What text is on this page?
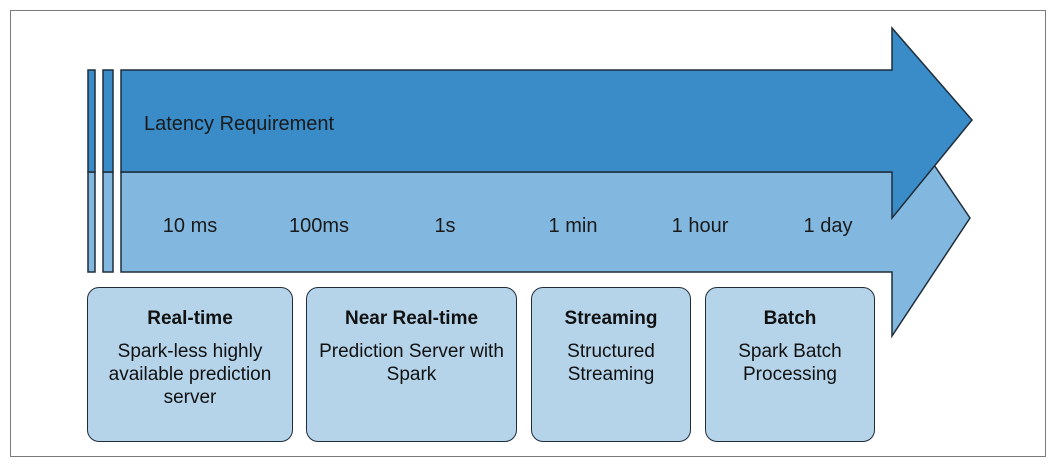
Latency Requirement
10 ms	100ms	1s	1 min	1 hour	1 day
Real-time
Spark-less highly available prediction server
Near Real-time
Prediction Server with Spark
Streaming
Structured Streaming
Batch
Spark Batch Processing
